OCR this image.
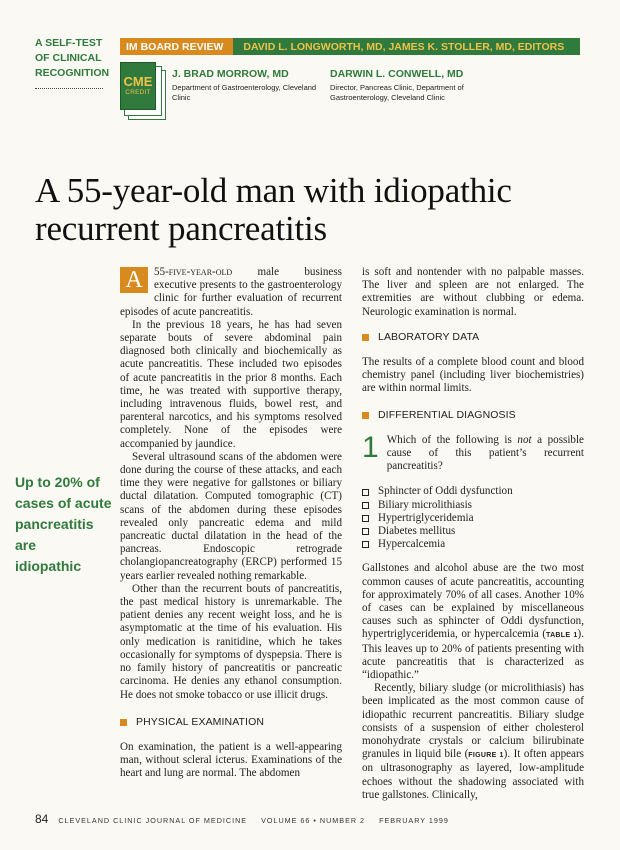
A SELF-TEST
OF CLINICAL
RECOGNITION
IM BOARD REVIEW	DAVID L. LONGWORTH, MD, JAMES K. STOLLER, MD, EDITORS
CME
CREDIT
J. BRAD MORROW, MD
Department of Gastroenterology, Cleveland Clinic
DARWIN L. CONWELL, MD
Director, Pancreas Clinic, Department of
Gastroenterology, Cleveland Clinic
A 55-year-old man with idiopathic
recurrent pancreatitis
Up to 20% of
cases of acute
pancreatitis are
idiopathic

A	55-five-year-old male business executive presents to the gastroenterology clinic for further evaluation of recurrent episodes of acute pancreatitis.

In the previous 18 years, he has had seven separate bouts of severe abdominal pain diagnosed both clinically and biochemically as acute pancreatitis. These included two episodes of acute pancreatitis in the prior 8 months. Each time, he was treated with supportive therapy, including intravenous fluids, bowel rest, and parenteral narcotics, and his symptoms resolved completely. None of the episodes were accompanied by jaundice.

Several ultrasound scans of the abdomen were done during the course of these attacks, and each time they were negative for gallstones or biliary ductal dilatation. Computed tomographic (CT) scans of the abdomen during these episodes revealed only pancreatic edema and mild pancreatic ductal dilatation in the head of the pancreas. Endoscopic retrograde cholangiopancreatography (ERCP) performed 15 years earlier revealed nothing remarkable.

Other than the recurrent bouts of pancreatitis, the past medical history is unremarkable. The patient denies any recent weight loss, and he is asymptomatic at the time of his evaluation. His only medication is ranitidine, which he takes occasionally for symptoms of dyspepsia. There is no family history of pancreatitis or pancreatic carcinoma. He denies any ethanol consumption. He does not smoke tobacco or use illicit drugs.

PHYSICAL EXAMINATION

On examination, the patient is a well-appearing man, without scleral icterus. Examinations of the heart and lung are normal. The abdomen

is soft and nontender with no palpable masses. The liver and spleen are not enlarged. The extremities are without clubbing or edema. Neurologic examination is normal.

LABORATORY DATA

The results of a complete blood count and blood chemistry panel (including liver biochemistries) are within normal limits.

DIFFERENTIAL DIAGNOSIS

1 Which of the following is not a possible cause of this patient’s recurrent pancreatitis?

Sphincter of Oddi dysfunction
Biliary microlithiasis
Hypertriglyceridemia
Diabetes mellitus
Hypercalcemia

Gallstones and alcohol abuse are the two most common causes of acute pancreatitis, accounting for approximately 70% of all cases. Another 10% of cases can be explained by miscellaneous causes such as sphincter of Oddi dysfunction, hypertriglyceridemia, or hypercalcemia (TABLE 1). This leaves up to 20% of patients presenting with acute pancreatitis that is characterized as “idiopathic.”

Recently, biliary sludge (or microlithiasis) has been implicated as the most common cause of idiopathic recurrent pancreatitis. Biliary sludge consists of a suspension of either cholesterol monohydrate crystals or calcium bilirubinate granules in liquid bile (FIGURE 1). It often appears on ultrasonography as layered, low-amplitude echoes without the shadowing associated with true gallstones. Clinically,

84 CLEVELAND CLINIC JOURNAL OF MEDICINE VOLUME 66 • NUMBER 2 FEBRUARY 1999
